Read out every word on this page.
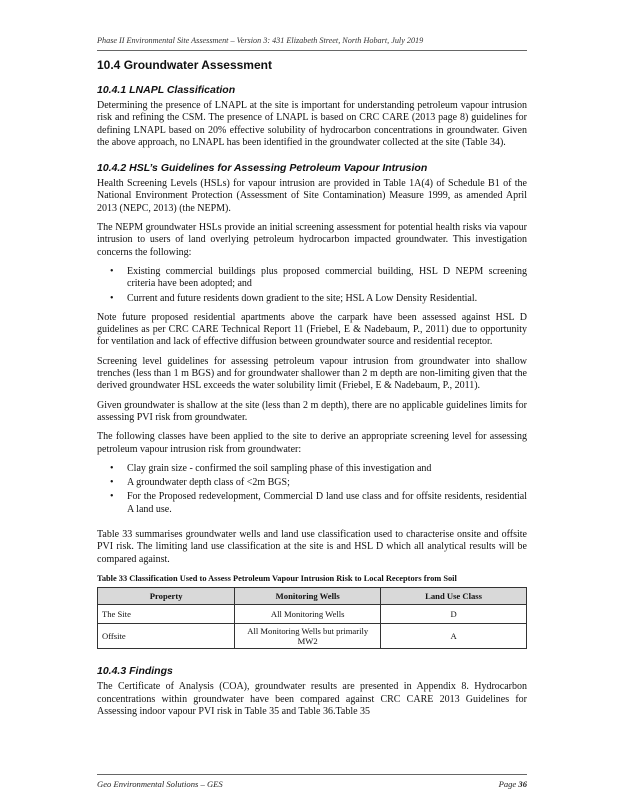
Phase II Environmental Site Assessment – Version 3: 431 Elizabeth Street, North Hobart, July 2019
10.4 Groundwater Assessment
10.4.1 LNAPL Classification

Determining the presence of LNAPL at the site is important for understanding petroleum vapour intrusion risk and refining the CSM. The presence of LNAPL is based on CRC CARE (2013 page 8) guidelines for defining LNAPL based on 20% effective solubility of hydrocarbon concentrations in groundwater. Given the above approach, no LNAPL has been identified in the groundwater collected at the site (Table 34).

10.4.2 HSL’s Guidelines for Assessing Petroleum Vapour Intrusion

Health Screening Levels (HSLs) for vapour intrusion are provided in Table 1A(4) of Schedule B1 of the National Environment Protection (Assessment of Site Contamination) Measure 1999, as amended April 2013 (NEPC, 2013) (the NEPM).

The NEPM groundwater HSLs provide an initial screening assessment for potential health risks via vapour intrusion to users of land overlying petroleum hydrocarbon impacted groundwater. This investigation concerns the following:

• Existing commercial buildings plus proposed commercial building, HSL D NEPM screening criteria have been adopted; and
• Current and future residents down gradient to the site; HSL A Low Density Residential.

Note future proposed residential apartments above the carpark have been assessed against HSL D guidelines as per CRC CARE Technical Report 11 (Friebel, E & Nadebaum, P., 2011) due to opportunity for ventilation and lack of effective diffusion between groundwater source and residential receptor.

Screening level guidelines for assessing petroleum vapour intrusion from groundwater into shallow trenches (less than 1 m BGS) and for groundwater shallower than 2 m depth are non-limiting given that the derived groundwater HSL exceeds the water solubility limit (Friebel, E & Nadebaum, P., 2011).

Given groundwater is shallow at the site (less than 2 m depth), there are no applicable guidelines limits for assessing PVI risk from groundwater.

The following classes have been applied to the site to derive an appropriate screening level for assessing petroleum vapour intrusion risk from groundwater:

• Clay grain size - confirmed the soil sampling phase of this investigation and
• A groundwater depth class of <2m BGS;
• For the Proposed redevelopment, Commercial D land use class and for offsite residents, residential A land use.

Table 33 summarises groundwater wells and land use classification used to characterise onsite and offsite PVI risk. The limiting land use classification at the site is and HSL D which all analytical results will be compared against.

Table 33 Classification Used to Assess Petroleum Vapour Intrusion Risk to Local Receptors from Soil
Property	Monitoring Wells	Land Use Class
The Site	All Monitoring Wells	D
Offsite	All Monitoring Wells but primarily MW2	A
10.4.3 Findings

The Certificate of Analysis (COA), groundwater results are presented in Appendix 8. Hydrocarbon concentrations within groundwater have been compared against CRC CARE 2013 Guidelines for Assessing indoor vapour PVI risk in Table 35 and Table 36.Table 35

Geo Environmental Solutions – GES	Page 36
